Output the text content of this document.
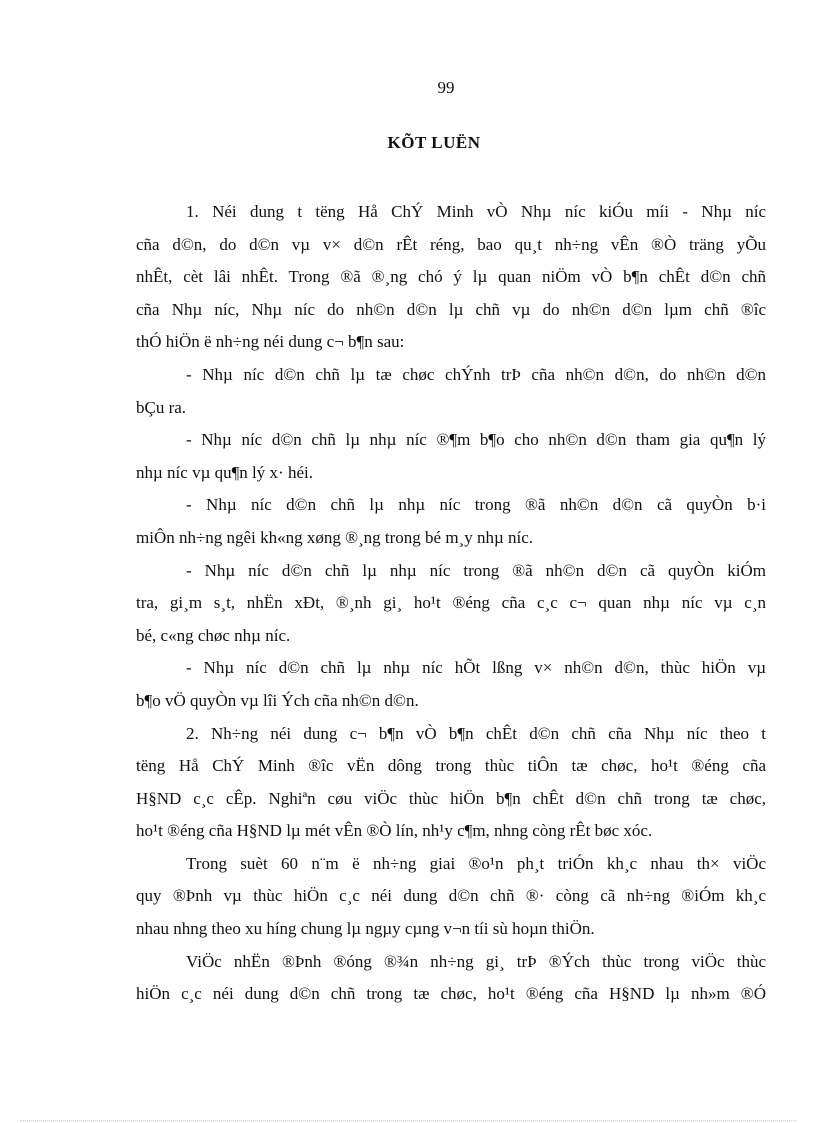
99
KÕT LUËN
1. Néi dung t tëng Hå ChÝ Minh vÒ Nhµ níc kiÓu míi - Nhµ níc
cña d©n, do d©n vµ v× d©n rÊt réng, bao qu¸t nh÷ng vÊn ®Ò träng yÕu
nhÊt, cèt lâi nhÊt. Trong ®ã ®¸ng chó ý lµ quan niÖm vÒ b¶n chÊt d©n chñ
cña Nhµ níc, Nhµ níc do nh©n d©n lµ chñ vµ do nh©n d©n lµm chñ ®îc
thÓ hiÖn ë nh÷ng néi dung c¬ b¶n sau:
- Nhµ níc d©n chñ lµ tæ chøc chÝnh trÞ cña nh©n d©n, do nh©n d©n
bÇu ra.
- Nhµ níc d©n chñ lµ nhµ níc ®¶m b¶o cho nh©n d©n tham gia qu¶n lý
nhµ níc vµ qu¶n lý x· héi.
- Nhµ níc d©n chñ lµ nhµ níc trong ®ã nh©n d©n cã quyÒn b·i
miÔn nh÷ng ngêi kh«ng xøng ®¸ng trong bé m¸y nhµ níc.
- Nhµ níc d©n chñ lµ nhµ níc trong ®ã nh©n d©n cã quyÒn kiÓm
tra, gi¸m s¸t, nhËn xÐt, ®¸nh gi¸ ho¹t ®éng cña c¸c c¬ quan nhµ níc vµ c¸n
bé, c«ng chøc nhµ níc.
- Nhµ níc d©n chñ lµ nhµ níc hÕt lßng v× nh©n d©n, thùc hiÖn vµ
b¶o vÖ quyÒn vµ lîi Ých cña nh©n d©n.
2. Nh÷ng néi dung c¬ b¶n vÒ b¶n chÊt d©n chñ cña Nhµ níc theo t
tëng Hå ChÝ Minh ®îc vËn dông trong thùc tiÔn tæ chøc, ho¹t ®éng cña
H§ND c¸c cÊp. Nghiªn cøu viÖc thùc hiÖn b¶n chÊt d©n chñ trong tæ chøc,
ho¹t ®éng cña H§ND lµ mét vÊn ®Ò lín, nh¹y c¶m, nhng còng rÊt bøc xóc.
Trong suèt 60 n¨m ë nh÷ng giai ®o¹n ph¸t triÓn kh¸c nhau th× viÖc
quy ®Þnh vµ thùc hiÖn c¸c néi dung d©n chñ ®· còng cã nh÷ng ®iÓm kh¸c
nhau nhng theo xu híng chung lµ ngµy cµng v¬n tíi sù hoµn thiÖn.
ViÖc nhËn ®Þnh ®óng ®¾n nh÷ng gi¸ trÞ ®Ých thùc trong viÖc thùc
hiÖn c¸c néi dung d©n chñ trong tæ chøc, ho¹t ®éng cña H§ND lµ nh»m ®Ó
